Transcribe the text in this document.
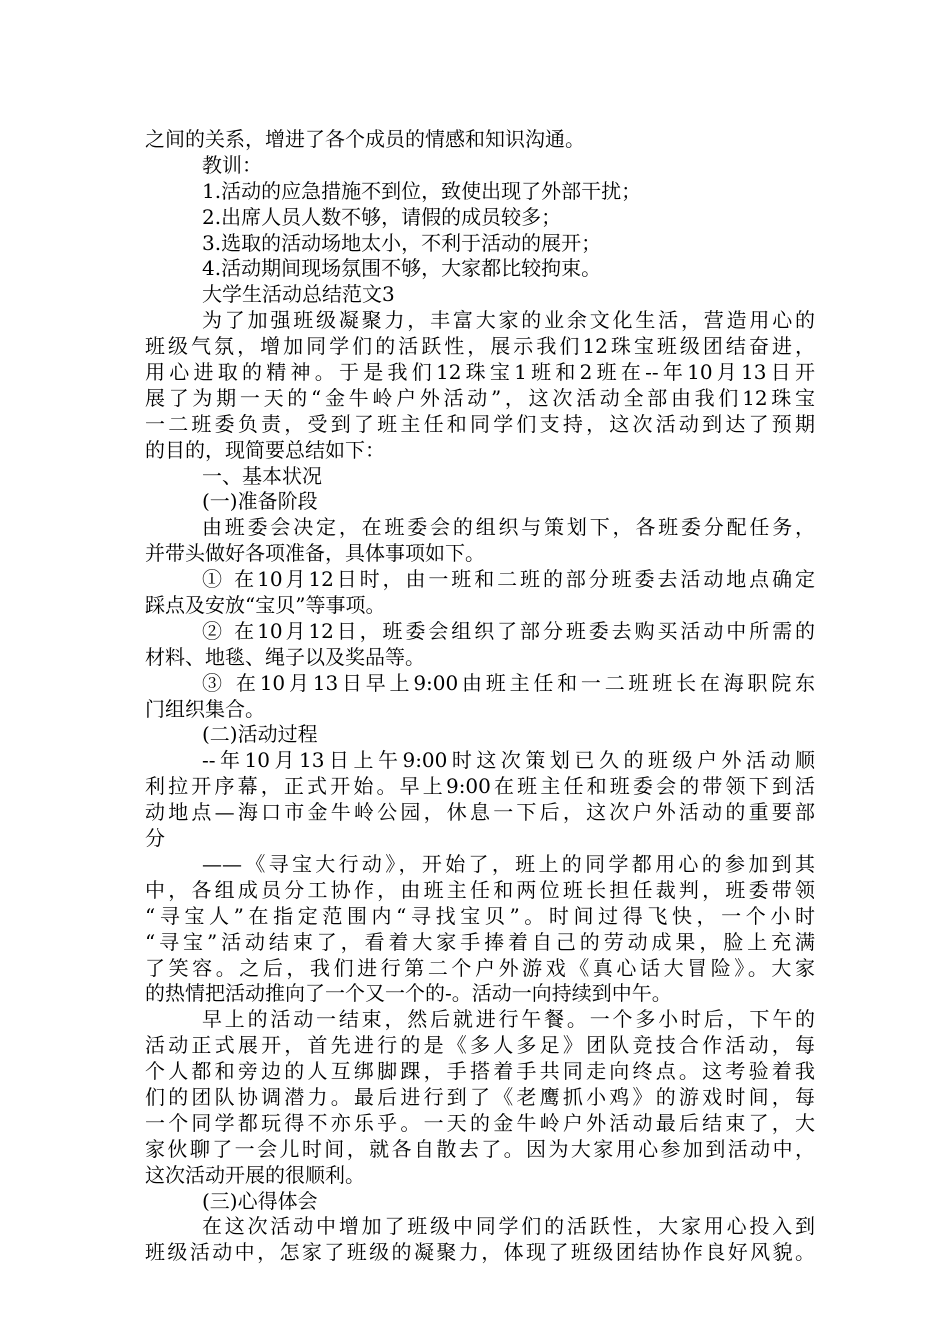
之间的关系，增进了各个成员的情感和知识沟通。
教训：
1.活动的应急措施不到位，致使出现了外部干扰；
2.出席人员人数不够，请假的成员较多；
3.选取的活动场地太小，不利于活动的展开；
4.活动期间现场氛围不够，大家都比较拘束。
大学生活动总结范文3
为了加强班级凝聚力，丰富大家的业余文化生活，营造用心的
班级气氛，增加同学们的活跃性，展示我们12珠宝班级团结奋进，
用心进取的精神。于是我们12珠宝1班和2班在--年10月13日开
展了为期一天的“金牛岭户外活动”，这次活动全部由我们12珠宝
一二班委负责，受到了班主任和同学们支持，这次活动到达了预期
的目的，现简要总结如下：
一、基本状况
(一)准备阶段
由班委会决定，在班委会的组织与策划下，各班委分配任务，
并带头做好各项准备，具体事项如下。
① 在10月12日时，由一班和二班的部分班委去活动地点确定
踩点及安放“宝贝”等事项。
② 在10月12日，班委会组织了部分班委去购买活动中所需的
材料、地毯、绳子以及奖品等。
③ 在10月13日早上9:00由班主任和一二班班长在海职院东
门组织集合。
(二)活动过程
--年10月13日上午9:00时这次策划已久的班级户外活动顺
利拉开序幕，正式开始。早上9:00在班主任和班委会的带领下到活
动地点—海口市金牛岭公园，休息一下后，这次户外活动的重要部
分
——《寻宝大行动》，开始了，班上的同学都用心的参加到其
中，各组成员分工协作，由班主任和两位班长担任裁判，班委带领
“寻宝人”在指定范围内“寻找宝贝”。时间过得飞快，一个小时
“寻宝”活动结束了，看着大家手捧着自己的劳动成果，脸上充满
了笑容。之后，我们进行第二个户外游戏《真心话大冒险》。大家
的热情把活动推向了一个又一个的-。活动一向持续到中午。
早上的活动一结束，然后就进行午餐。一个多小时后，下午的
活动正式展开，首先进行的是《多人多足》团队竞技合作活动，每
个人都和旁边的人互绑脚踝，手搭着手共同走向终点。这考验着我
们的团队协调潜力。最后进行到了《老鹰抓小鸡》的游戏时间，每
一个同学都玩得不亦乐乎。一天的金牛岭户外活动最后结束了，大
家伙聊了一会儿时间，就各自散去了。因为大家用心参加到活动中，
这次活动开展的很顺利。
(三)心得体会
在这次活动中增加了班级中同学们的活跃性，大家用心投入到
班级活动中，怎家了班级的凝聚力，体现了班级团结协作良好风貌。
